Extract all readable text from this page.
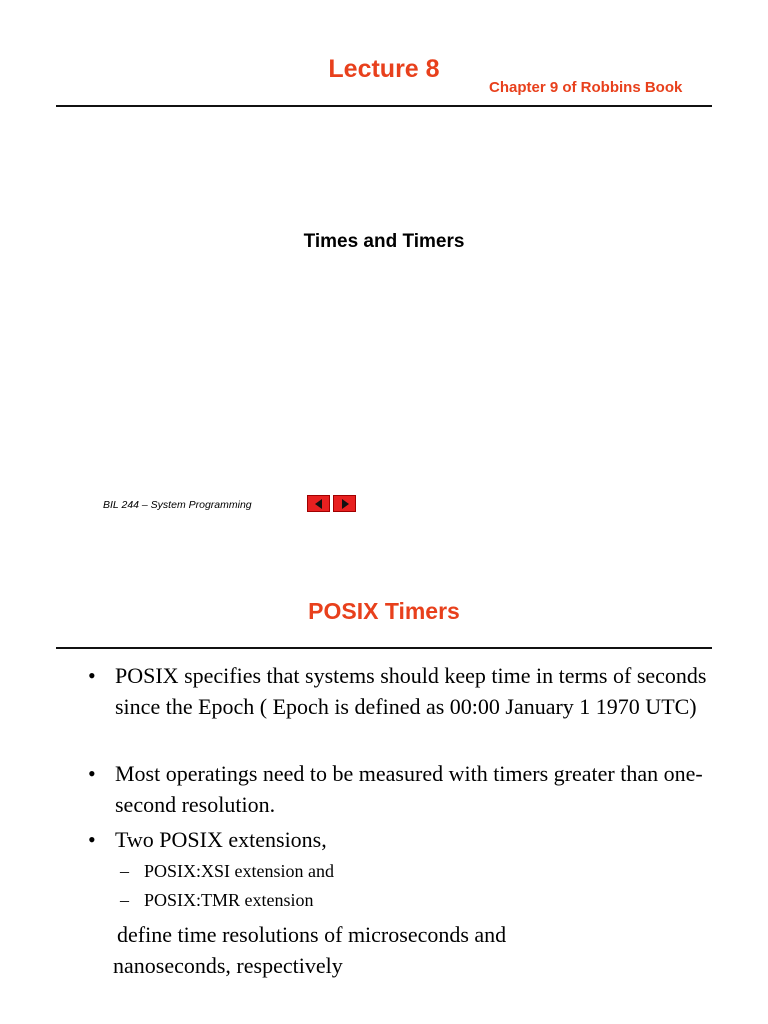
Lecture 8
Chapter 9 of Robbins Book
Times and Timers
BIL 244 – System Programming
POSIX Timers
• POSIX specifies that systems should keep time in terms of seconds since the Epoch ( Epoch is defined as 00:00 January 1 1970 UTC)
• Most operatings need to be measured with timers greater than one-second resolution.
• Two POSIX extensions,
– POSIX:XSI extension and
– POSIX:TMR extension
define time resolutions of microseconds and
nanoseconds, respectively
